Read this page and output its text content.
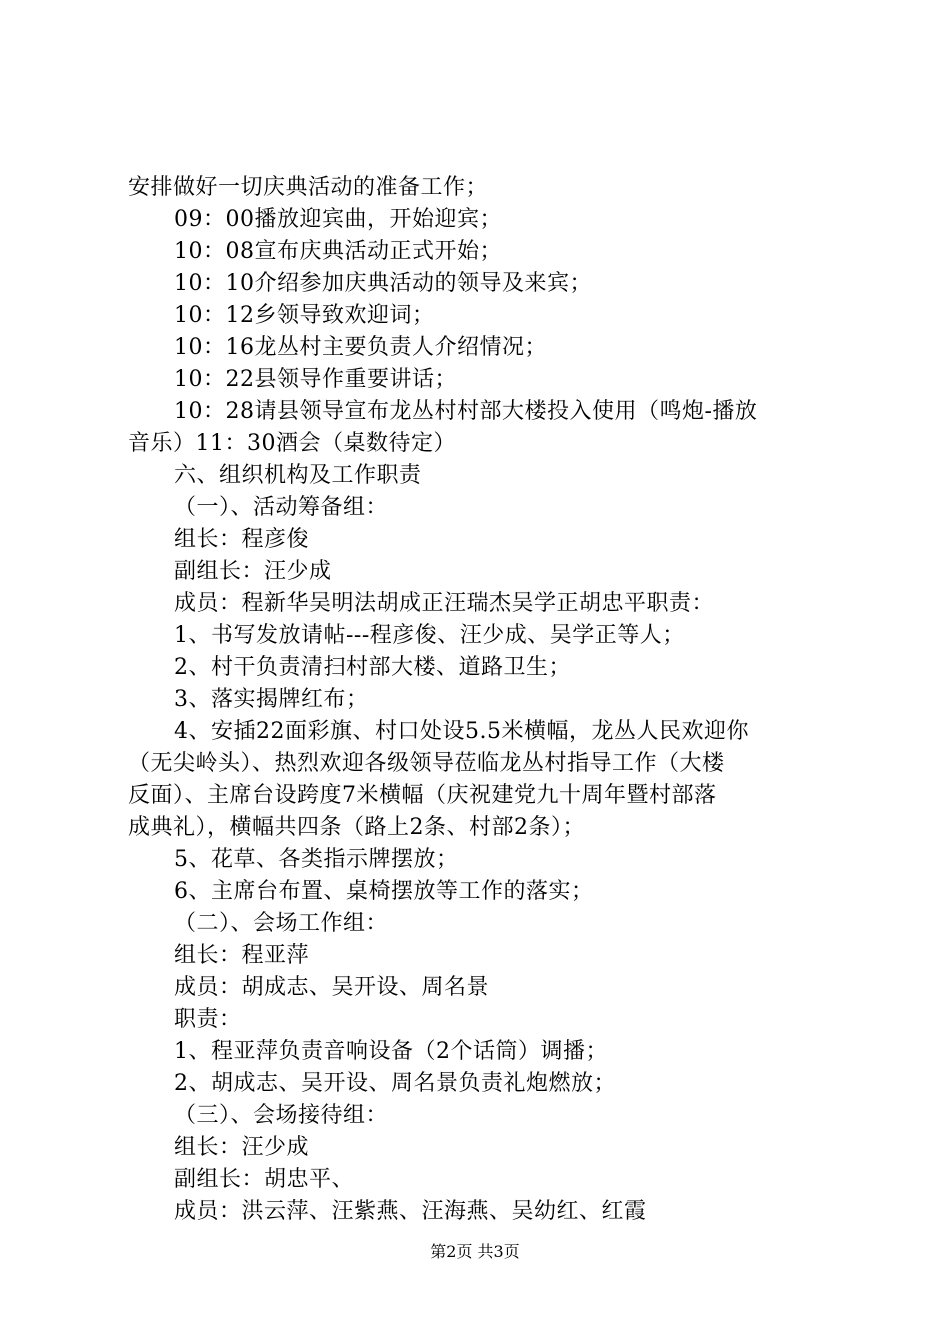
安排做好一切庆典活动的准备工作；
09：00播放迎宾曲，开始迎宾；
10：08宣布庆典活动正式开始；
10：10介绍参加庆典活动的领导及来宾；
10：12乡领导致欢迎词；
10：16龙丛村主要负责人介绍情况；
10：22县领导作重要讲话；
10：28请县领导宣布龙丛村村部大楼投入使用（鸣炮-播放
音乐）11：30酒会（桌数待定）
六、组织机构及工作职责
（一）、活动筹备组：
组长：程彦俊
副组长：汪少成
成员：程新华吴明法胡成正汪瑞杰吴学正胡忠平职责：
1、书写发放请帖---程彦俊、汪少成、吴学正等人；
2、村干负责清扫村部大楼、道路卫生；
3、落实揭牌红布；
4、安插22面彩旗、村口处设5.5米横幅，龙丛人民欢迎你
（无尖岭头）、热烈欢迎各级领导莅临龙丛村指导工作（大楼
反面）、主席台设跨度7米横幅（庆祝建党九十周年暨村部落
成典礼），横幅共四条（路上2条、村部2条）；
5、花草、各类指示牌摆放；
6、主席台布置、桌椅摆放等工作的落实；
（二）、会场工作组：
组长：程亚萍
成员：胡成志、吴开设、周名景
职责：
1、程亚萍负责音响设备（2个话筒）调播；
2、胡成志、吴开设、周名景负责礼炮燃放；
（三）、会场接待组：
组长：汪少成
副组长：胡忠平、
成员：洪云萍、汪紫燕、汪海燕、吴幼红、红霞
第2页 共3页
